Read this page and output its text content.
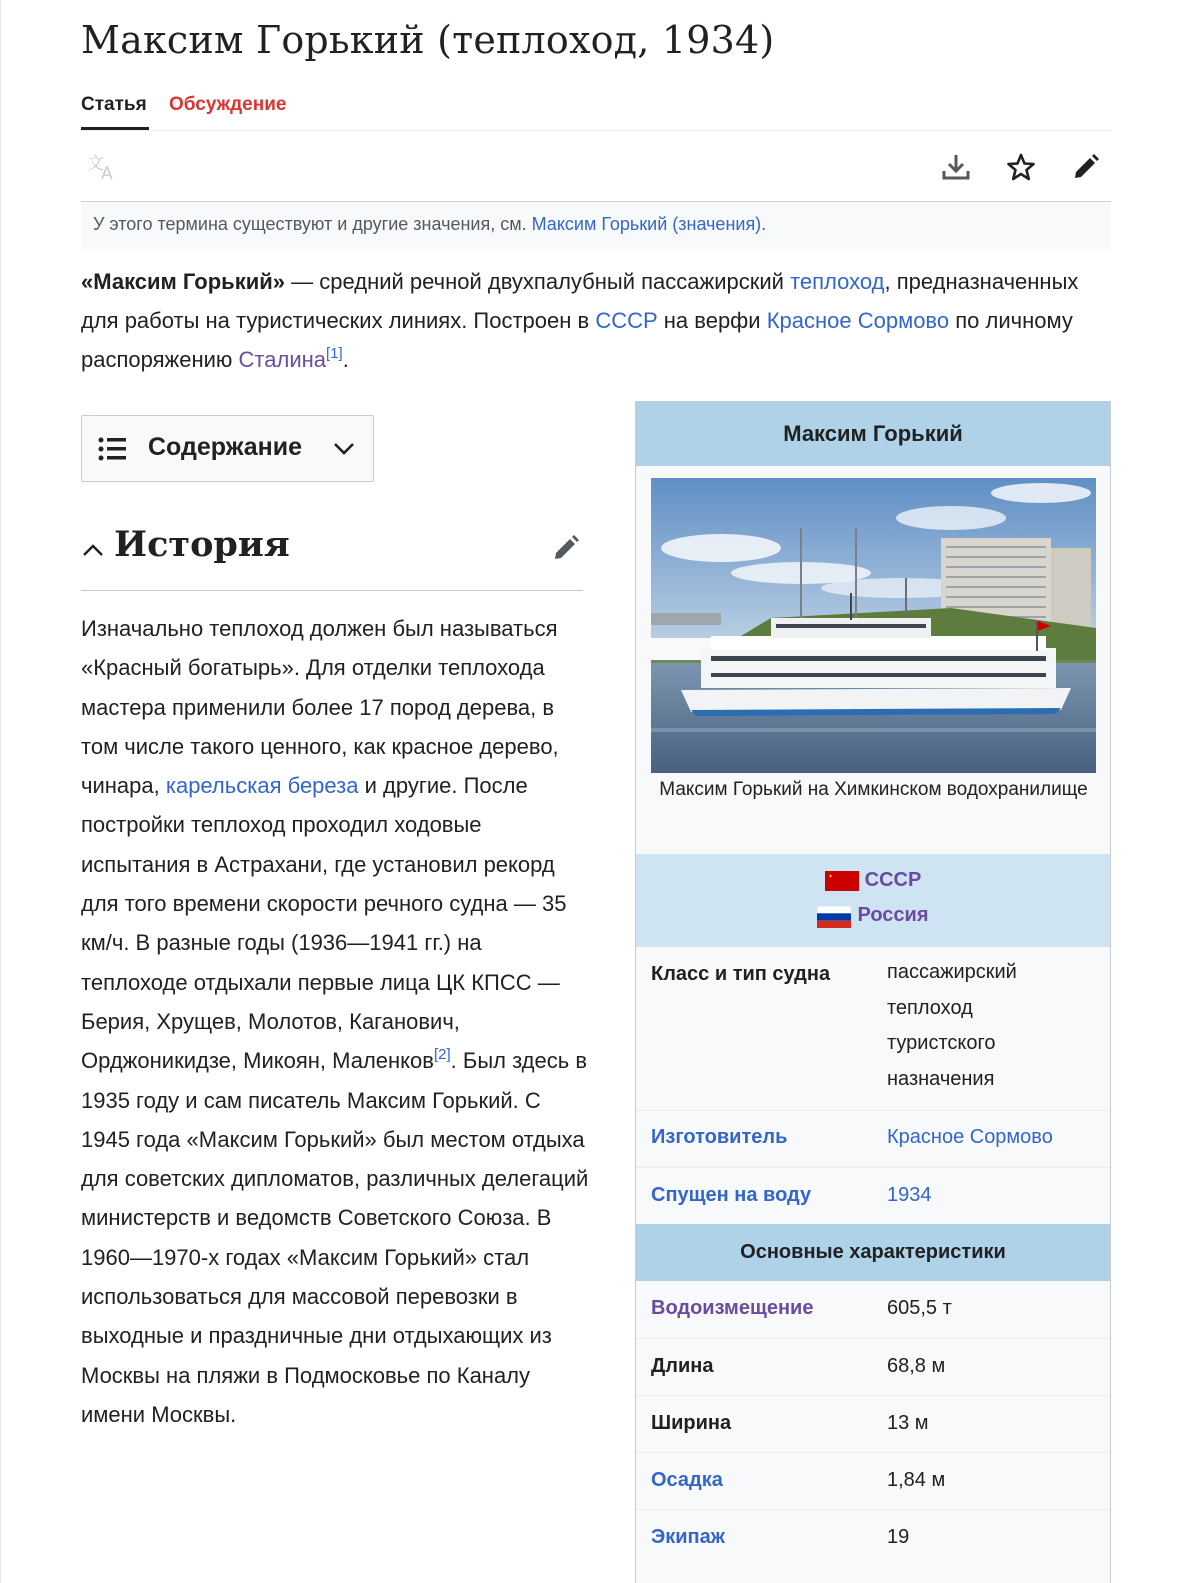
Максим Горький (теплоход, 1934)
Статья Обсуждение
文
A
У этого термина существуют и другие значения, см. Максим Горький (значения).

«Максим Горький» — средний речной двухпалубный пассажирский теплоход, предназначенных для работы на туристических линиях. Построен в СССР на верфи Красное Сормово по личному распоряжению Сталина[1].

Содержание
История

Изначально теплоход должен был называться «Красный богатырь». Для отделки теплохода мастера применили более 17 пород дерева, в том числе такого ценного, как красное дерево, чинара, карельская береза и другие. После постройки теплоход проходил ходовые испытания в Астрахани, где установил рекорд для того времени скорости речного судна — 35 км/ч. В разные годы (1936—1941 гг.) на теплоходе отдыхали первые лица ЦК КПСС — Берия, Хрущев, Молотов, Каганович, Орджоникидзе, Микоян, Маленков[2]. Был здесь в 1935 году и сам писатель Максим Горький. С 1945 года «Максим Горький» был местом отдыха для советских дипломатов, различных делегаций министерств и ведомств Советского Союза. В 1960—1970-х годах «Максим Горький» стал использоваться для массовой перевозки в выходные и праздничные дни отдыхающих из Москвы на пляжи в Подмосковье по Каналу имени Москвы.

Максим Горький
Максим Горький на Химкинском водохранилище
СССР
Россия
Класс и тип судна	пассажирский теплоход туристского назначения
Изготовитель	Красное Сормово
Спущен на воду	1934
Основные характеристики
Водоизмещение	605,5 т
Длина	68,8 м
Ширина	13 м
Осадка	1,84 м
Экипаж	19
